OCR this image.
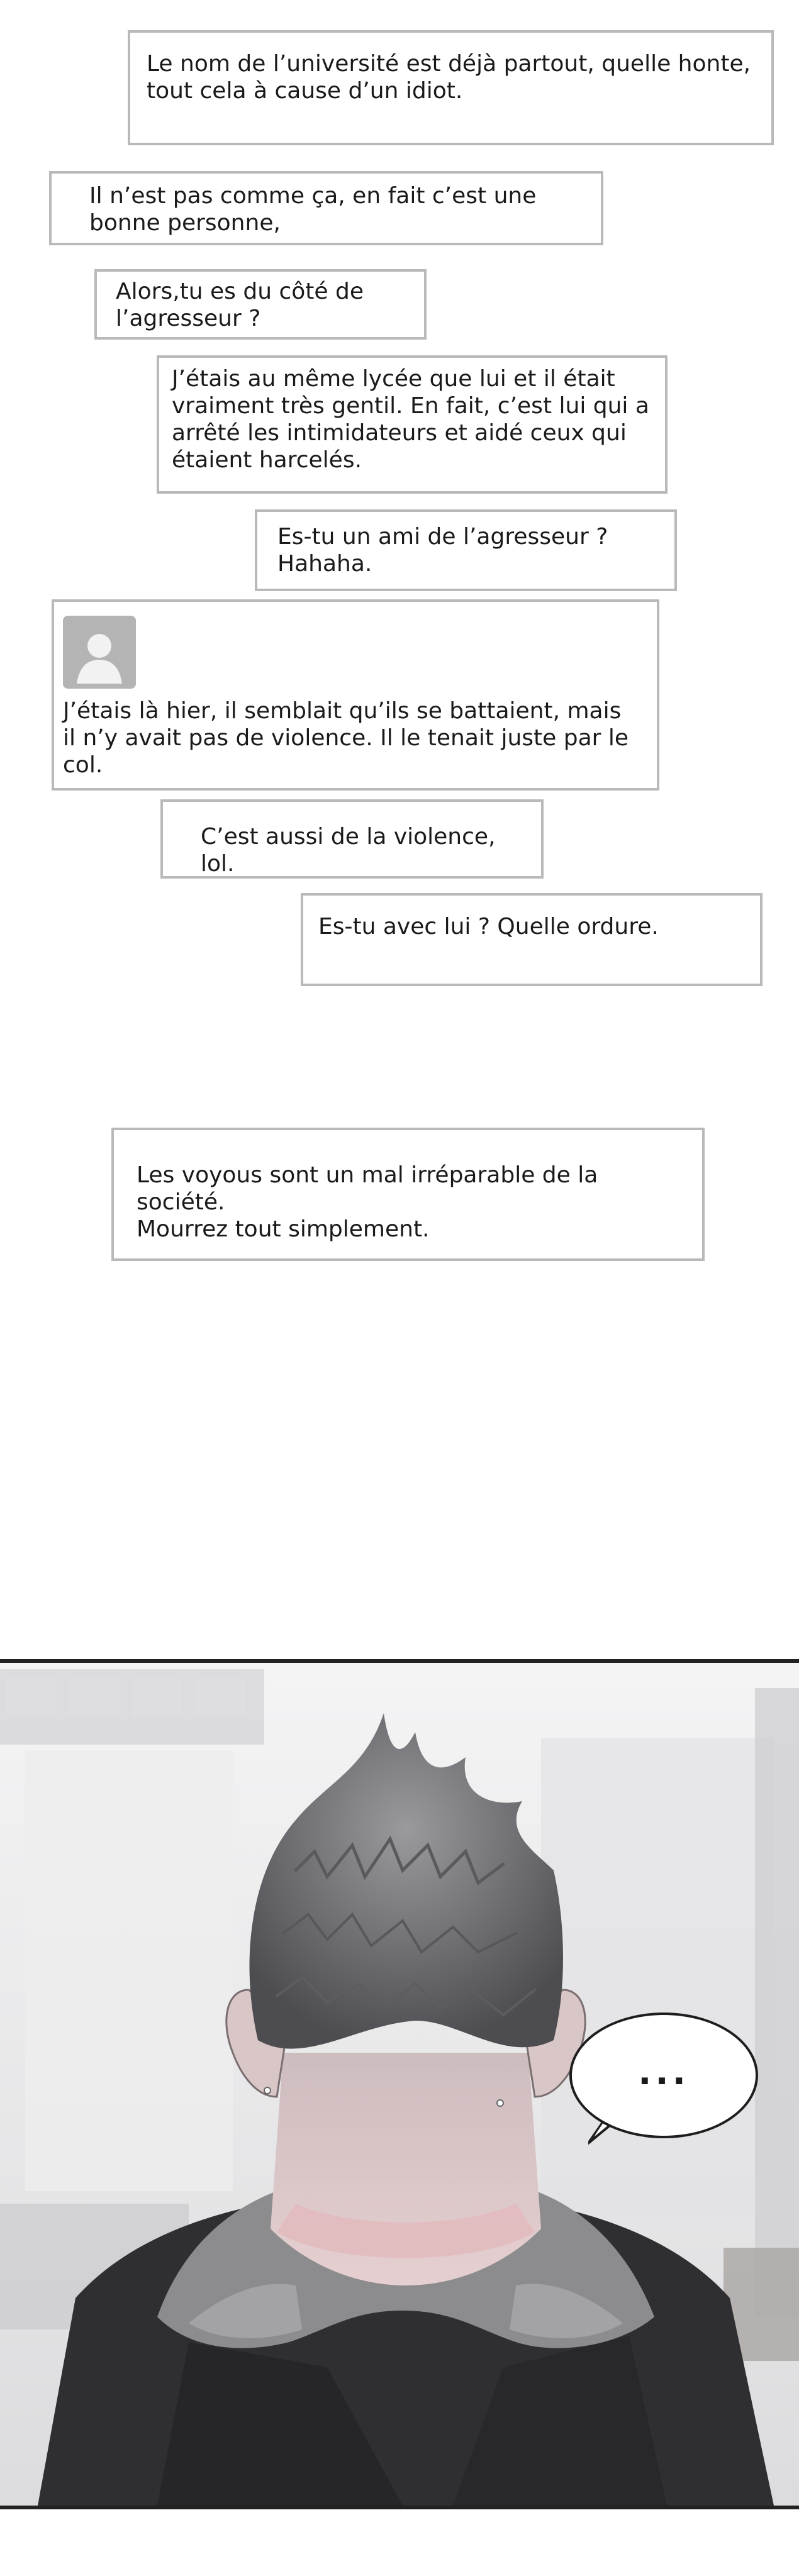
Le nom de l’université est déjà partout, quelle honte,
tout cela à cause d’un idiot.

Il n’est pas comme ça, en fait c’est une
bonne personne,

Alors,tu es du côté de
l’agresseur ?

J’étais au même lycée que lui et il était
vraiment très gentil. En fait, c’est lui qui a
arrêté les intimidateurs et aidé ceux qui
étaient harcelés.

Es-tu un ami de l’agresseur ?
Hahaha.

J’étais là hier, il semblait qu’ils se battaient, mais
il n’y avait pas de violence. Il le tenait juste par le col.

C’est aussi de la violence, lol.

Es-tu avec lui ? Quelle ordure.

Les voyous sont un mal irréparable de la société.
Mourrez tout simplement.

...
